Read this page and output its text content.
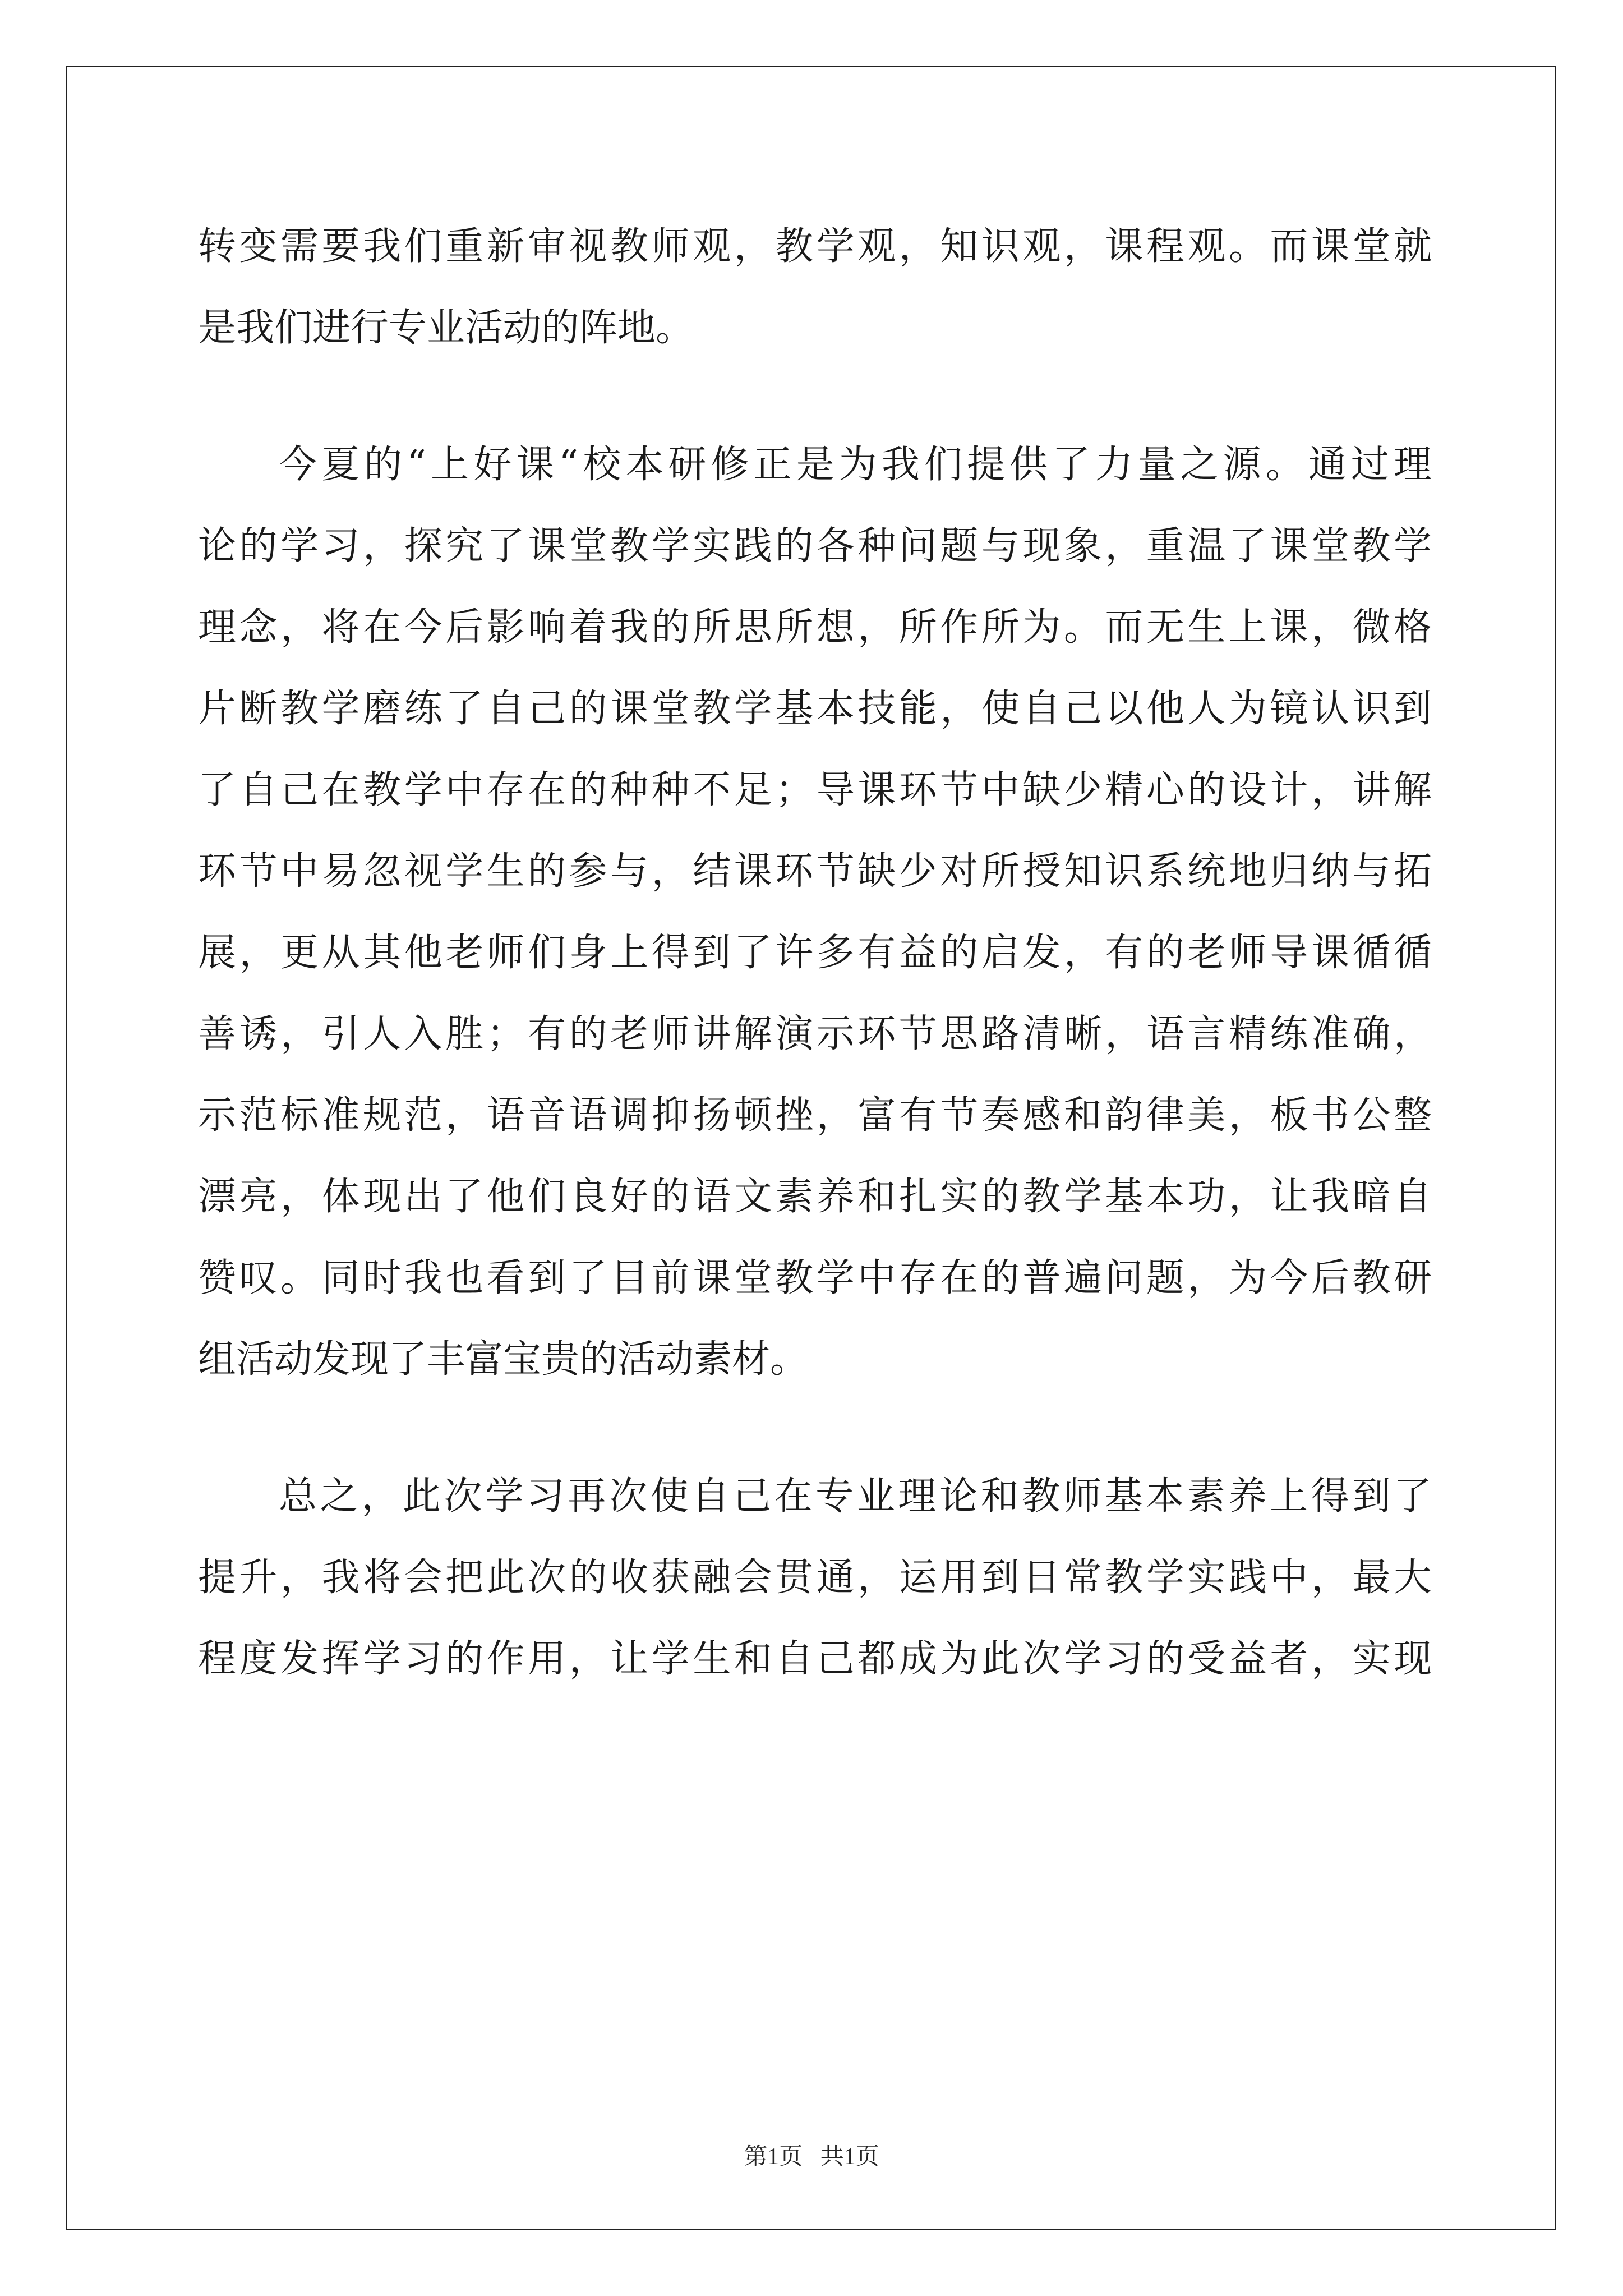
转变需要我们重新审视教师观，教学观，知识观，课程观。而课堂就
是我们进行专业活动的阵地。
今夏的“上好课“校本研修正是为我们提供了力量之源。通过理
论的学习，探究了课堂教学实践的各种问题与现象，重温了课堂教学
理念，将在今后影响着我的所思所想，所作所为。而无生上课，微格
片断教学磨练了自己的课堂教学基本技能，使自己以他人为镜认识到
了自己在教学中存在的种种不足；导课环节中缺少精心的设计，讲解
环节中易忽视学生的参与，结课环节缺少对所授知识系统地归纳与拓
展，更从其他老师们身上得到了许多有益的启发，有的老师导课循循
善诱，引人入胜；有的老师讲解演示环节思路清晰，语言精练准确，
示范标准规范，语音语调抑扬顿挫，富有节奏感和韵律美，板书公整
漂亮，体现出了他们良好的语文素养和扎实的教学基本功，让我暗自
赞叹。同时我也看到了目前课堂教学中存在的普遍问题，为今后教研
组活动发现了丰富宝贵的活动素材。
总之，此次学习再次使自己在专业理论和教师基本素养上得到了
提升，我将会把此次的收获融会贯通，运用到日常教学实践中，最大
程度发挥学习的作用，让学生和自己都成为此次学习的受益者，实现
第1页 共1页
